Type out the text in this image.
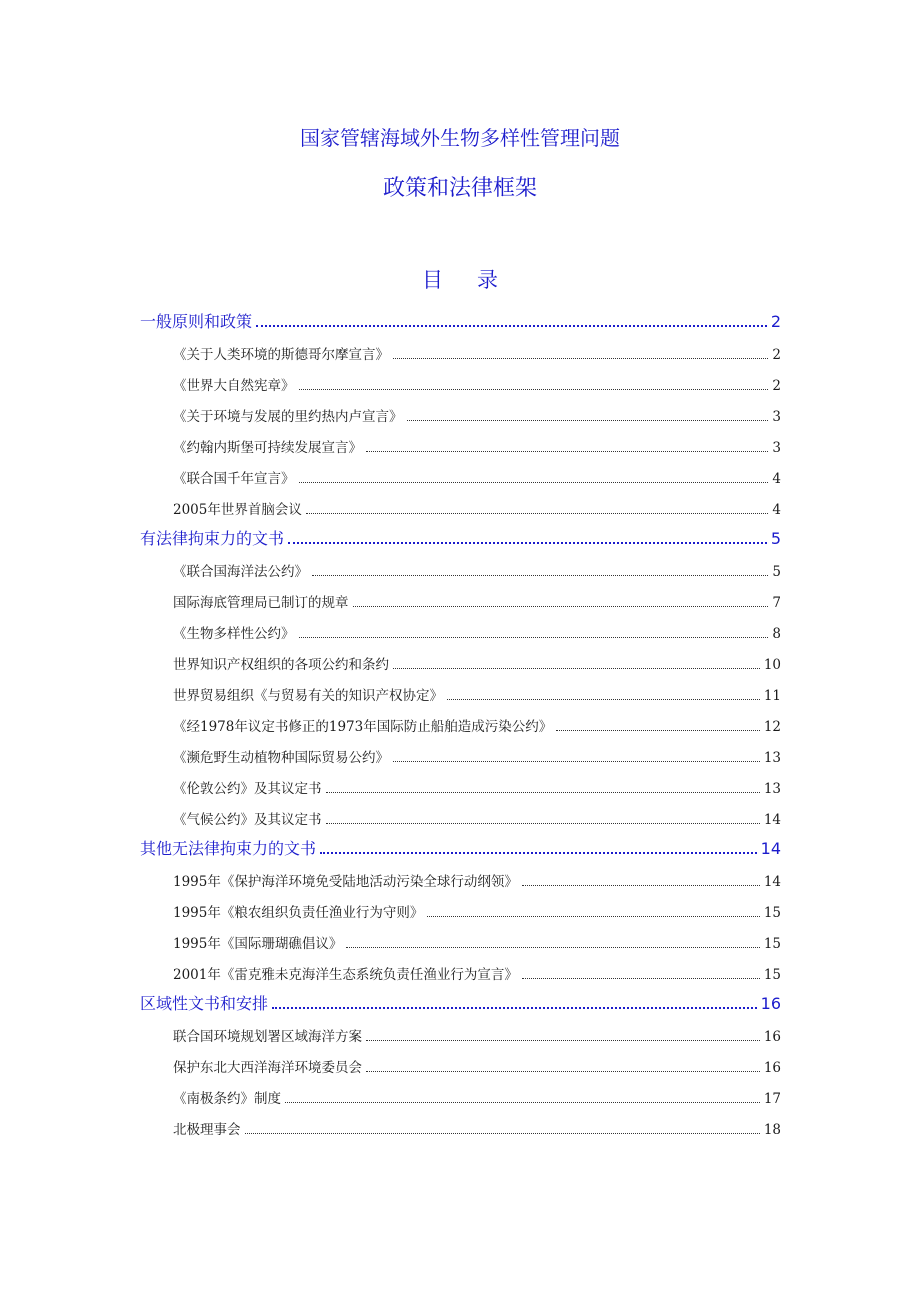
国家管辖海域外生物多样性管理问题
政策和法律框架
目录
一般原则和政策	2
《关于人类环境的斯德哥尔摩宣言》	2
《世界大自然宪章》	2
《关于环境与发展的里约热内卢宣言》	3
《约翰内斯堡可持续发展宣言》	3
《联合国千年宣言》	4
2005年世界首脑会议	4
有法律拘束力的文书	5
《联合国海洋法公约》	5
国际海底管理局已制订的规章	7
《生物多样性公约》	8
世界知识产权组织的各项公约和条约	10
世界贸易组织《与贸易有关的知识产权协定》	11
《经1978年议定书修正的1973年国际防止船舶造成污染公约》	12
《濒危野生动植物种国际贸易公约》	13
《伦敦公约》及其议定书	13
《气候公约》及其议定书	14
其他无法律拘束力的文书	14
1995年《保护海洋环境免受陆地活动污染全球行动纲领》	14
1995年《粮农组织负责任渔业行为守则》	15
1995年《国际珊瑚礁倡议》	15
2001年《雷克雅未克海洋生态系统负责任渔业行为宣言》	15
区域性文书和安排	16
联合国环境规划署区域海洋方案	16
保护东北大西洋海洋环境委员会	16
《南极条约》制度	17
北极理事会	18
